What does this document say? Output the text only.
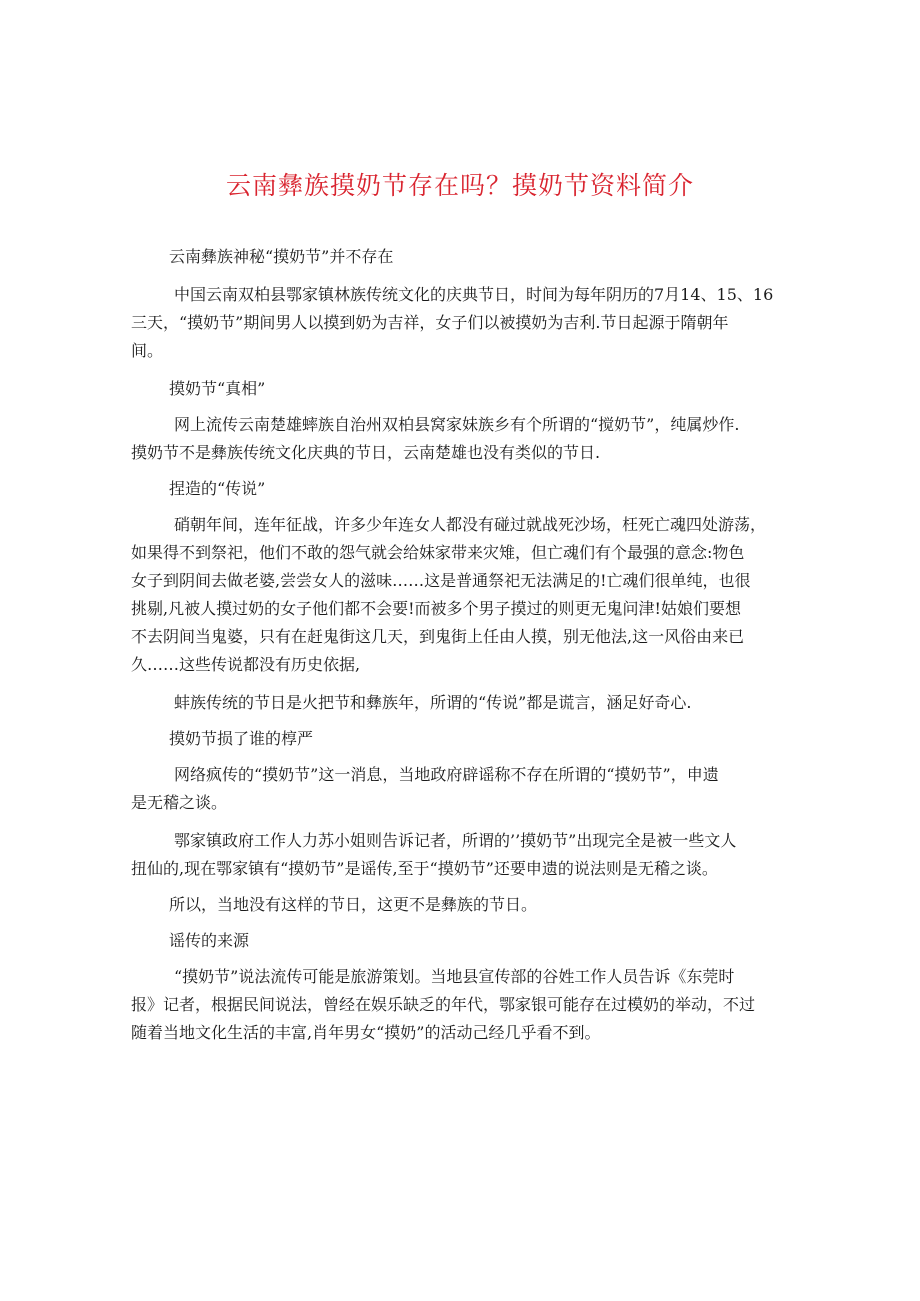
云南彝族摸奶节存在吗？摸奶节资料简介
云南彝族神秘“摸奶节”并不存在
中国云南双柏县鄂家镇林族传统文化的庆典节日，时间为每年阴历的7月14、15、16
三天，“摸奶节”期间男人以摸到奶为吉祥，女子们以被摸奶为吉利.节日起源于隋朝年
间。
摸奶节“真相”
网上流传云南楚雄蟀族自治州双柏县窝家妹族乡有个所谓的“搅奶节”，纯属炒作.
摸奶节不是彝族传统文化庆典的节日，云南楚雄也没有类似的节日.
捏造的“传说”
硝朝年间，连年征战，许多少年连女人都没有碰过就战死沙场，枉死亡魂四处游荡，
如果得不到祭祀，他们不敢的怨气就会给妹家带来灾雉，但亡魂们有个最强的意念:物色
女子到阴间去做老婆,尝尝女人的滋味……这是普通祭祀无法满足的!亡魂们很单纯，也很
挑剔,凡被人摸过奶的女子他们都不会要!而被多个男子摸过的则更无鬼问津!姑娘们要想
不去阴间当鬼婆，只有在赶鬼街这几天，到鬼街上任由人摸，别无他法,这一风俗由来已
久……这些传说都没有历史依据,
蚌族传统的节日是火把节和彝族年，所谓的“传说”都是谎言，涵足好奇心.
摸奶节损了谁的椁严
网络疯传的“摸奶节”这一消息，当地政府辟谣称不存在所谓的“摸奶节”，申遗
是无稽之谈。
鄂家镇政府工作人力苏小姐则告诉记者，所谓的’’摸奶节”出现完全是被一些文人
扭仙的,现在鄂家镇有“摸奶节”是谣传,至于“摸奶节”还要申遗的说法则是无稽之谈。
所以，当地没有这样的节日，这更不是彝族的节日。
谣传的来源
“摸奶节”说法流传可能是旅游策划。当地县宣传部的谷姓工作人员告诉《东莞时
报》记者，根据民间说法，曾经在娱乐缺乏的年代，鄂家银可能存在过模奶的举动，不过
随着当地文化生活的丰富,肖年男女“摸奶”的活动己经几乎看不到。
